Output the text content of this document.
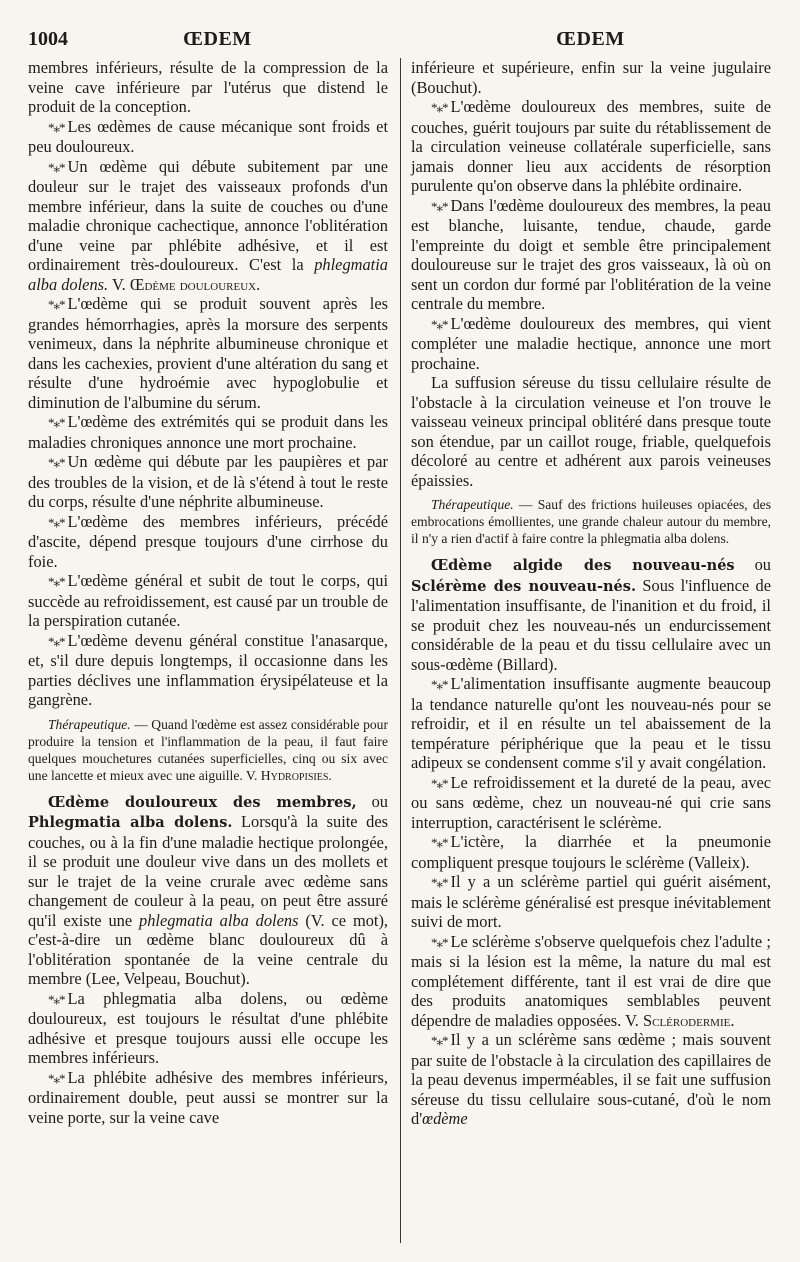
1004	ŒDEM	ŒDEM

membres inférieurs, résulte de la compression de la veine cave inférieure par l'utérus que distend le produit de la conception.

*⁎* Les œdèmes de cause mécanique sont froids et peu douloureux.

*⁎* Un œdème qui débute subitement par une douleur sur le trajet des vaisseaux profonds d'un membre inférieur, dans la suite de couches ou d'une maladie chronique cachectique, annonce l'oblitération d'une veine par phlébite adhésive, et il est ordinairement très-douloureux. C'est la phlegmatia alba dolens. V. Œdème douloureux.

*⁎* L'œdème qui se produit souvent après les grandes hémorrhagies, après la morsure des serpents venimeux, dans la néphrite albumineuse chronique et dans les cachexies, provient d'une altération du sang et résulte d'une hydroémie avec hypoglobulie et diminution de l'albumine du sérum.

*⁎* L'œdème des extrémités qui se produit dans les maladies chroniques annonce une mort prochaine.

*⁎* Un œdème qui débute par les paupières et par des troubles de la vision, et de là s'étend à tout le reste du corps, résulte d'une néphrite albumineuse.

*⁎* L'œdème des membres inférieurs, précédé d'ascite, dépend presque toujours d'une cirrhose du foie.

*⁎* L'œdème général et subit de tout le corps, qui succède au refroidissement, est causé par un trouble de la perspiration cutanée.

*⁎* L'œdème devenu général constitue l'anasarque, et, s'il dure depuis longtemps, il occasionne dans les parties déclives une inflammation érysipélateuse et la gangrène.

Thérapeutique. — Quand l'œdème est assez considérable pour produire la tension et l'inflammation de la peau, il faut faire quelques mouchetures cutanées superficielles, cinq ou six avec une lancette et mieux avec une aiguille. V. Hydropisies.

Œdème douloureux des membres, ou Phlegmatia alba dolens. Lorsqu'à la suite des couches, ou à la fin d'une maladie hectique prolongée, il se produit une douleur vive dans un des mollets et sur le trajet de la veine crurale avec œdème sans changement de couleur à la peau, on peut être assuré qu'il existe une phlegmatia alba dolens (V. ce mot), c'est-à-dire un œdème blanc douloureux dû à l'oblitération spontanée de la veine centrale du membre (Lee, Velpeau, Bouchut).

*⁎* La phlegmatia alba dolens, ou œdème douloureux, est toujours le résultat d'une phlébite adhésive et presque toujours aussi elle occupe les membres inférieurs.

*⁎* La phlébite adhésive des membres inférieurs, ordinairement double, peut aussi se montrer sur la veine porte, sur la veine cave

inférieure et supérieure, enfin sur la veine jugulaire (Bouchut).

*⁎* L'œdème douloureux des membres, suite de couches, guérit toujours par suite du rétablissement de la circulation veineuse collatérale superficielle, sans jamais donner lieu aux accidents de résorption purulente qu'on observe dans la phlébite ordinaire.

*⁎* Dans l'œdème douloureux des membres, la peau est blanche, luisante, tendue, chaude, garde l'empreinte du doigt et semble être principalement douloureuse sur le trajet des gros vaisseaux, là où on sent un cordon dur formé par l'oblitération de la veine centrale du membre.

*⁎* L'œdème douloureux des membres, qui vient compléter une maladie hectique, annonce une mort prochaine.

La suffusion séreuse du tissu cellulaire résulte de l'obstacle à la circulation veineuse et l'on trouve le vaisseau veineux principal oblitéré dans presque toute son étendue, par un caillot rouge, friable, quelquefois décoloré au centre et adhérent aux parois veineuses épaissies.

Thérapeutique. — Sauf des frictions huileuses opiacées, des embrocations émollientes, une grande chaleur autour du membre, il n'y a rien d'actif à faire contre la phlegmatia alba dolens.

Œdème algide des nouveau-nés ou Sclérème des nouveau-nés. Sous l'influence de l'alimentation insuffisante, de l'inanition et du froid, il se produit chez les nouveau-nés un endurcissement considérable de la peau et du tissu cellulaire avec un sous-œdème (Billard).

*⁎* L'alimentation insuffisante augmente beaucoup la tendance naturelle qu'ont les nouveau-nés pour se refroidir, et il en résulte un tel abaissement de la température périphérique que la peau et le tissu adipeux se condensent comme s'il y avait congélation.

*⁎* Le refroidissement et la dureté de la peau, avec ou sans œdème, chez un nouveau-né qui crie sans interruption, caractérisent le sclérème.

*⁎* L'ictère, la diarrhée et la pneumonie compliquent presque toujours le sclérème (Valleix).

*⁎* Il y a un sclérème partiel qui guérit aisément, mais le sclérème généralisé est presque inévitablement suivi de mort.

*⁎* Le sclérème s'observe quelquefois chez l'adulte ; mais si la lésion est la même, la nature du mal est complétement différente, tant il est vrai de dire que des produits anatomiques semblables peuvent dépendre de maladies opposées. V. Sclérodermie.

*⁎* Il y a un sclérème sans œdème ; mais souvent par suite de l'obstacle à la circulation des capillaires de la peau devenus imperméables, il se fait une suffusion séreuse du tissu cellulaire sous-cutané, d'où le nom d'œdème
